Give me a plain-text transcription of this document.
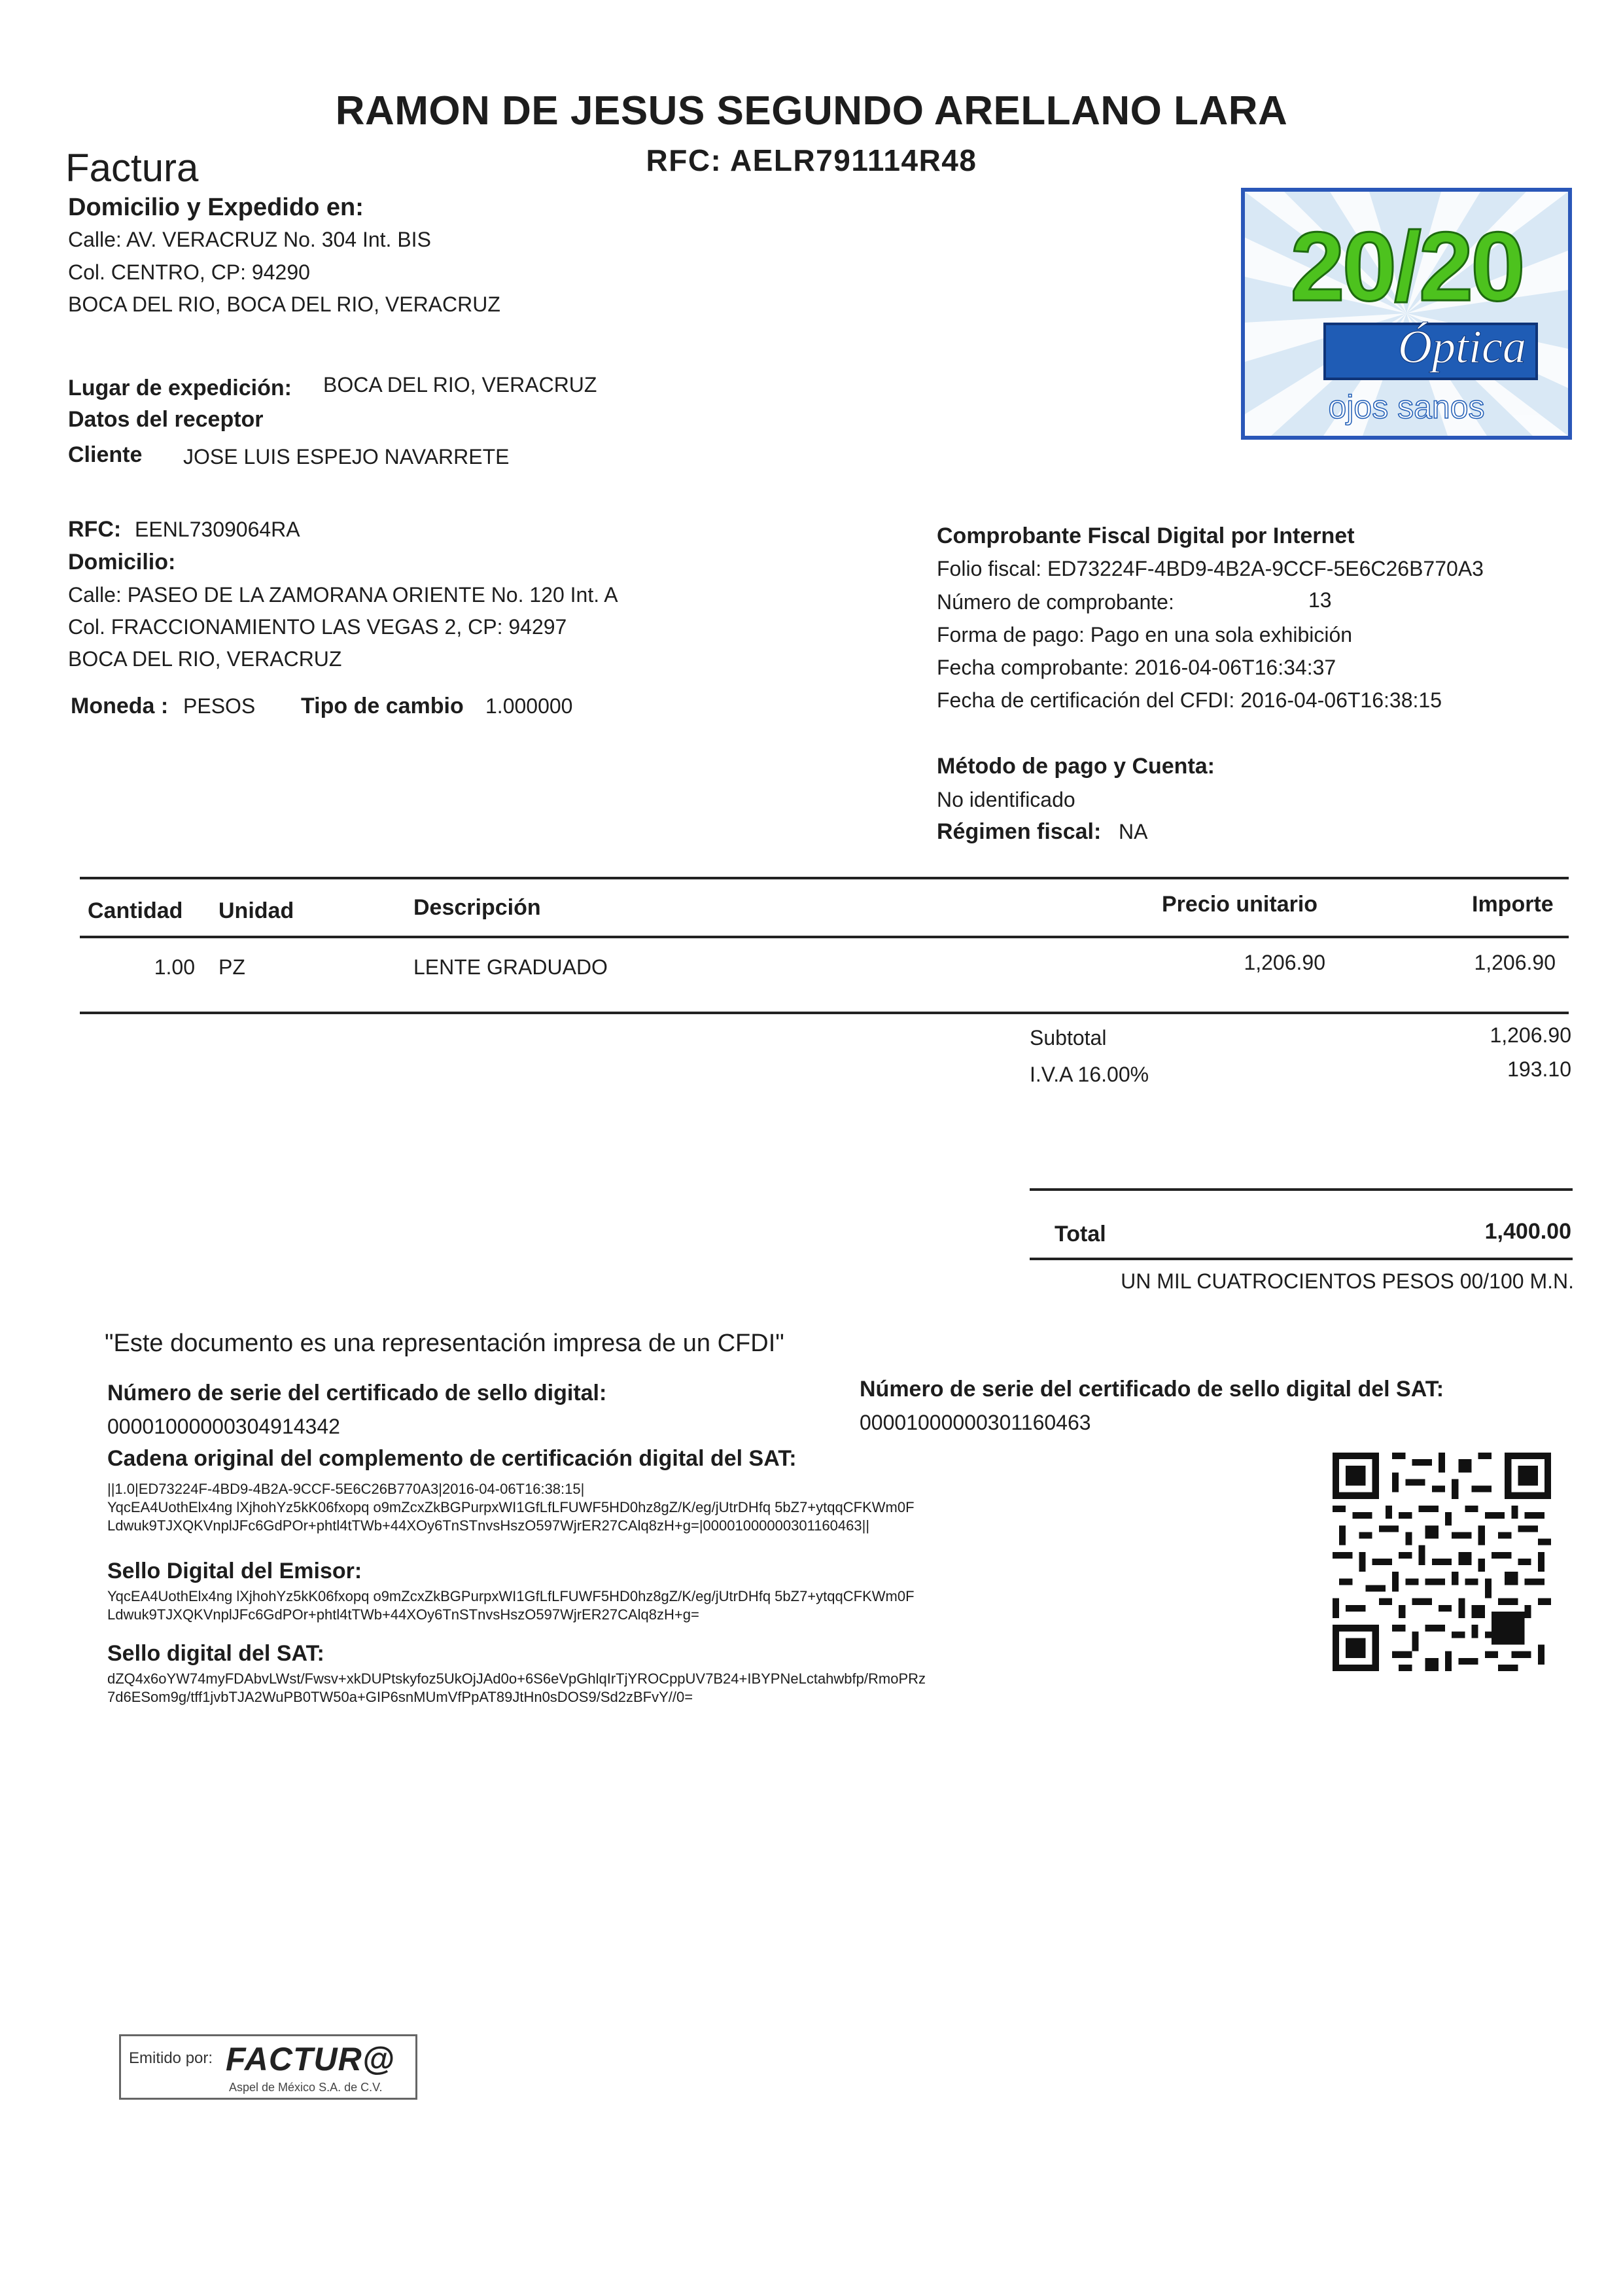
RAMON DE JESUS SEGUNDO ARELLANO LARA
RFC: AELR791114R48
Factura
Domicilio y Expedido en:
Calle: AV. VERACRUZ No. 304 Int. BIS
Col. CENTRO, CP: 94290
BOCA DEL RIO, BOCA DEL RIO, VERACRUZ	20/20
Óptica
ojos sanos
Lugar de expedición: BOCA DEL RIO, VERACRUZ
Datos del receptor
Cliente JOSE LUIS ESPEJO NAVARRETE
RFC: EENL7309064RA
Domicilio:
Calle: PASEO DE LA ZAMORANA ORIENTE No. 120 Int. A
Col. FRACCIONAMIENTO LAS VEGAS 2, CP: 94297
BOCA DEL RIO, VERACRUZ
Moneda : PESOS Tipo de cambio 1.000000
Comprobante Fiscal Digital por Internet
Folio fiscal: ED73224F-4BD9-4B2A-9CCF-5E6C26B770A3
Número de comprobante:	13
Forma de pago: Pago en una sola exhibición
Fecha comprobante: 2016-04-06T16:34:37
Fecha de certificación del CFDI: 2016-04-06T16:38:15
Método de pago y Cuenta:
No identificado
Régimen fiscal: NA
Cantidad Unidad	Descripción	Precio unitario	Importe
1.00 PZ	LENTE GRADUADO	1,206.90	1,206.90
Subtotal	1,206.90
I.V.A 16.00%	193.10
Total	1,400.00
UN MIL CUATROCIENTOS PESOS 00/100 M.N.
"Este documento es una representación impresa de un CFDI"
Número de serie del certificado de sello digital:
00001000000304914342
Número de serie del certificado de sello digital del SAT:
00001000000301160463
Cadena original del complemento de certificación digital del SAT:
||1.0|ED73224F-4BD9-4B2A-9CCF-5E6C26B770A3|2016-04-06T16:38:15|
YqcEA4UothElx4ng lXjhohYz5kK06fxopq o9mZcxZkBGPurpxWI1GfLfLFUWF5HD0hz8gZ/K/eg/jUtrDHfq 5bZ7+ytqqCFKWm0F
Ldwuk9TJXQKVnplJFc6GdPOr+phtl4tTWb+44XOy6TnSTnvsHszO597WjrER27CAlq8zH+g=|00001000000301160463||
Sello Digital del Emisor:
YqcEA4UothElx4ng lXjhohYz5kK06fxopq o9mZcxZkBGPurpxWI1GfLfLFUWF5HD0hz8gZ/K/eg/jUtrDHfq 5bZ7+ytqqCFKWm0F
Ldwuk9TJXQKVnplJFc6GdPOr+phtl4tTWb+44XOy6TnSTnvsHszO597WjrER27CAlq8zH+g=
Sello digital del SAT:
dZQ4x6oYW74myFDAbvLWst/Fwsv+xkDUPtskyfoz5UkOjJAd0o+6S6eVpGhlqIrTjYROCppUV7B24+IBYPNeLctahwbfp/RmoPRz
7d6ESom9g/tff1jvbTJA2WuPB0TW50a+GIP6snMUmVfPpAT89JtHn0sDOS9/Sd2zBFvY//0=
Emitido por: FACTUR@
Aspel de México S.A. de C.V.
